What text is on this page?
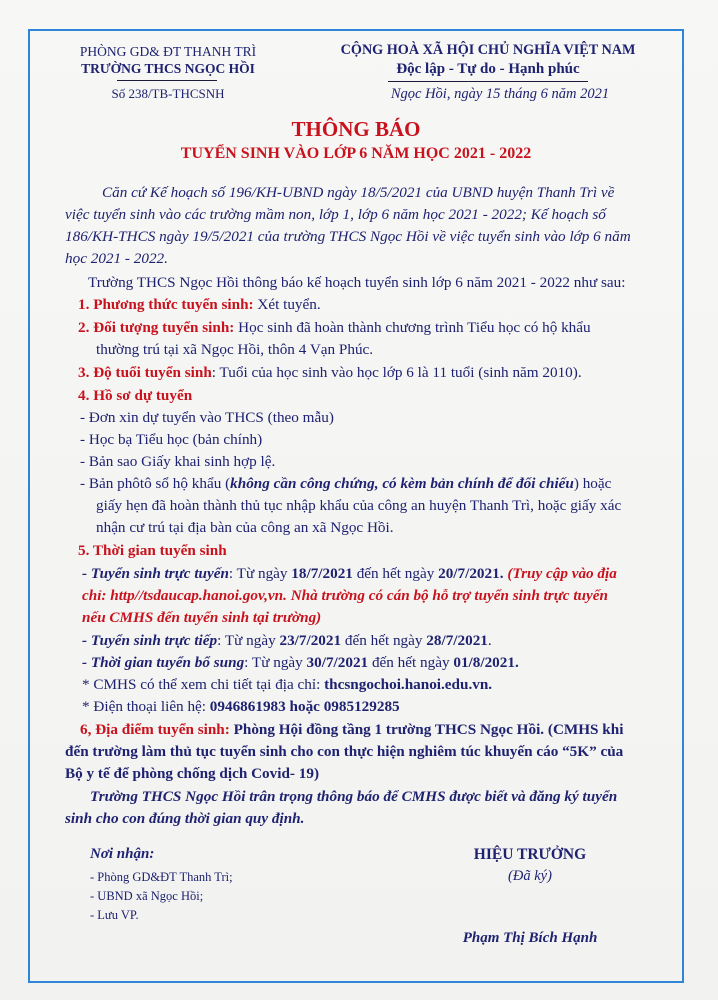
PHÒNG GD& ĐT THANH TRÌ
TRƯỜNG THCS NGỌC HỒI
Số 238/TB-THCSNH
CỘNG HOÀ XÃ HỘI CHỦ NGHĨA VIỆT NAM
Độc lập - Tự do - Hạnh phúc
Ngọc Hồi, ngày 15 tháng 6 năm 2021
THÔNG BÁO
TUYỂN SINH VÀO LỚP 6 NĂM HỌC 2021 - 2022
Căn cứ Kế hoạch số 196/KH-UBND ngày 18/5/2021 của UBND huyện Thanh Trì về
việc tuyển sinh vào các trường mầm non, lớp 1, lớp 6 năm học 2021 - 2022; Kế hoạch số
186/KH-THCS ngày 19/5/2021 của trường THCS Ngọc Hồi về việc tuyển sinh vào lớp 6 năm
học 2021 - 2022.
Trường THCS Ngọc Hồi thông báo kế hoạch tuyển sinh lớp 6 năm 2021 - 2022 như sau:
1. Phương thức tuyển sinh: Xét tuyển.
2. Đối tượng tuyển sinh: Học sinh đã hoàn thành chương trình Tiểu học có hộ khẩu
thường trú tại xã Ngọc Hồi, thôn 4 Vạn Phúc.
3. Độ tuổi tuyển sinh: Tuổi của học sinh vào học lớp 6 là 11 tuổi (sinh năm 2010).
4. Hồ sơ dự tuyển
- Đơn xin dự tuyển vào THCS (theo mẫu)
- Học bạ Tiểu học (bản chính)
- Bản sao Giấy khai sinh hợp lệ.
- Bản phôtô sổ hộ khẩu (không cần công chứng, có kèm bản chính để đối chiếu) hoặc
giấy hẹn đã hoàn thành thủ tục nhập khẩu của công an huyện Thanh Trì, hoặc giấy xác
nhận cư trú tại địa bàn của công an xã Ngọc Hồi.
5. Thời gian tuyển sinh
- Tuyển sinh trực tuyến: Từ ngày 18/7/2021 đến hết ngày 20/7/2021. (Truy cập vào địa
chỉ: http//tsdaucap.hanoi.gov,vn. Nhà trường có cán bộ hỗ trợ tuyển sinh trực tuyến
nếu CMHS đến tuyển sinh tại trường)
- Tuyển sinh trực tiếp: Từ ngày 23/7/2021 đến hết ngày 28/7/2021.
- Thời gian tuyển bổ sung: Từ ngày 30/7/2021 đến hết ngày 01/8/2021.
* CMHS có thể xem chi tiết tại địa chỉ: thcsngochoi.hanoi.edu.vn.
* Điện thoại liên hệ: 0946861983 hoặc 0985129285
6, Địa điểm tuyển sinh: Phòng Hội đồng tầng 1 trường THCS Ngọc Hồi. (CMHS khi
đến trường làm thủ tục tuyển sinh cho con thực hiện nghiêm túc khuyến cáo “5K” của
Bộ y tế để phòng chống dịch Covid- 19)
Trường THCS Ngọc Hồi trân trọng thông báo để CMHS được biết và đăng ký tuyển
sinh cho con đúng thời gian quy định.
Nơi nhận:
- Phòng GD&ĐT Thanh Trì;
- UBND xã Ngọc Hồi;
- Lưu VP.
HIỆU TRƯỞNG
(Đã ký)
Phạm Thị Bích Hạnh
